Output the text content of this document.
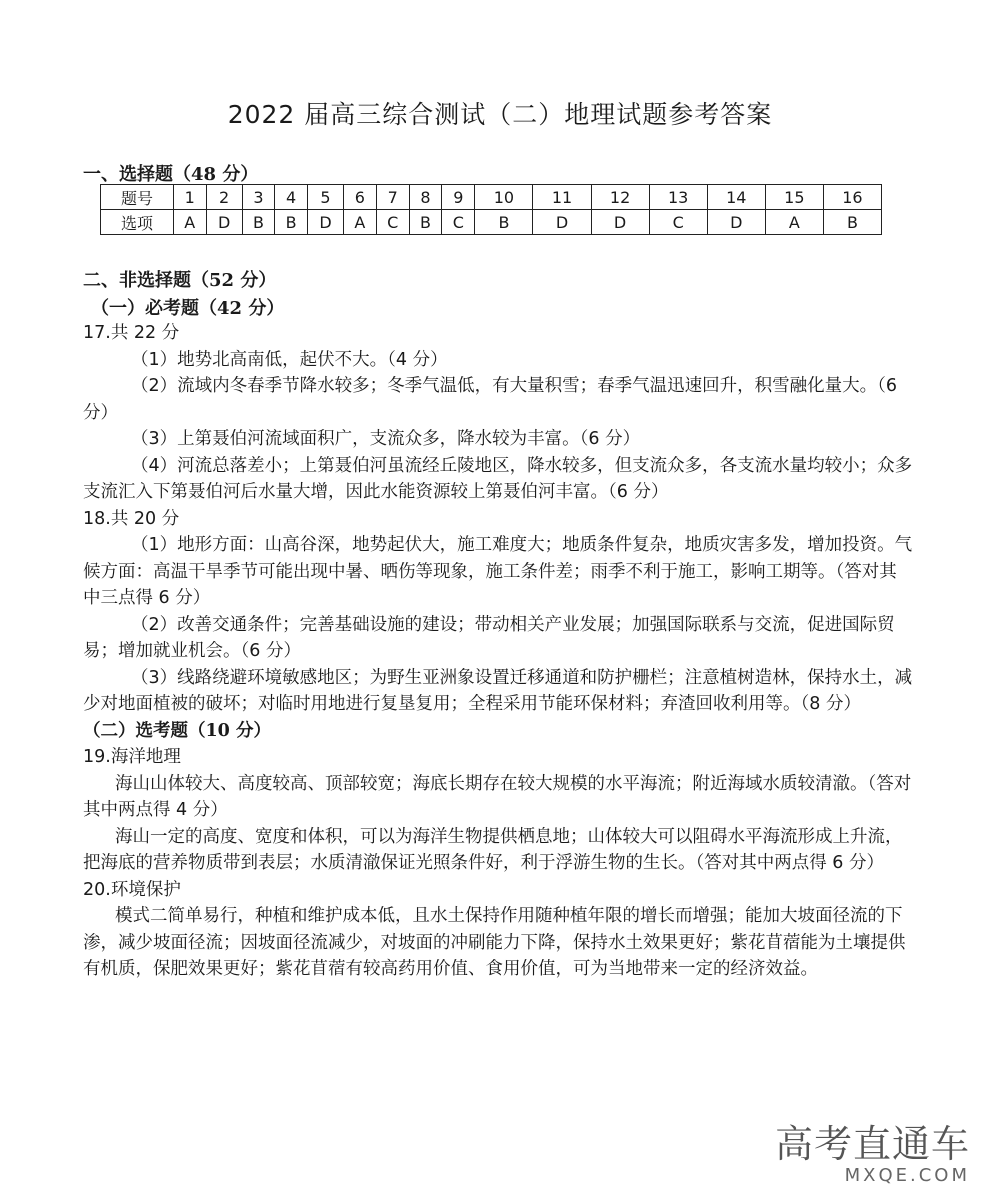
2022 届高三综合测试（二）地理试题参考答案
一、选择题（48 分）
题号	1	2	3	4	5	6	7	8	9	10	11	12	13	14	15	16
选项	A	D	B	B	D	A	C	B	C	B	D	D	C	D	A	B
二、非选择题（52 分）
（一）必考题（42 分）

17.共 22 分

（1）地势北高南低，起伏不大。（4 分）

（2）流域内冬春季节降水较多；冬季气温低，有大量积雪；春季气温迅速回升，积雪融化量大。（6 分）

（3）上第聂伯河流域面积广，支流众多，降水较为丰富。（6 分）

（4）河流总落差小；上第聂伯河虽流经丘陵地区，降水较多，但支流众多，各支流水量均较小；众多支流汇入下第聂伯河后水量大增，因此水能资源较上第聂伯河丰富。（6 分）

18.共 20 分

（1）地形方面：山高谷深，地势起伏大，施工难度大；地质条件复杂，地质灾害多发，增加投资。气候方面：高温干旱季节可能出现中暑、晒伤等现象，施工条件差；雨季不利于施工，影响工期等。（答对其中三点得 6 分）

（2）改善交通条件；完善基础设施的建设；带动相关产业发展；加强国际联系与交流，促进国际贸易；增加就业机会。（6 分）

（3）线路绕避环境敏感地区；为野生亚洲象设置迁移通道和防护栅栏；注意植树造林，保持水土，减少对地面植被的破坏；对临时用地进行复垦复用；全程采用节能环保材料；弃渣回收利用等。（8 分）

（二）选考题（10 分）

19.海洋地理

海山山体较大、高度较高、顶部较宽；海底长期存在较大规模的水平海流；附近海域水质较清澈。（答对其中两点得 4 分）

海山一定的高度、宽度和体积，可以为海洋生物提供栖息地；山体较大可以阻碍水平海流形成上升流，把海底的营养物质带到表层；水质清澈保证光照条件好，利于浮游生物的生长。（答对其中两点得 6 分）

20.环境保护

模式二简单易行，种植和维护成本低，且水土保持作用随种植年限的增长而增强；能加大坡面径流的下渗，减少坡面径流；因坡面径流减少，对坡面的冲刷能力下降，保持水土效果更好；紫花苜蓿能为土壤提供有机质，保肥效果更好；紫花苜蓿有较高药用价值、食用价值，可为当地带来一定的经济效益。

高考直通车
MXQE.COM
